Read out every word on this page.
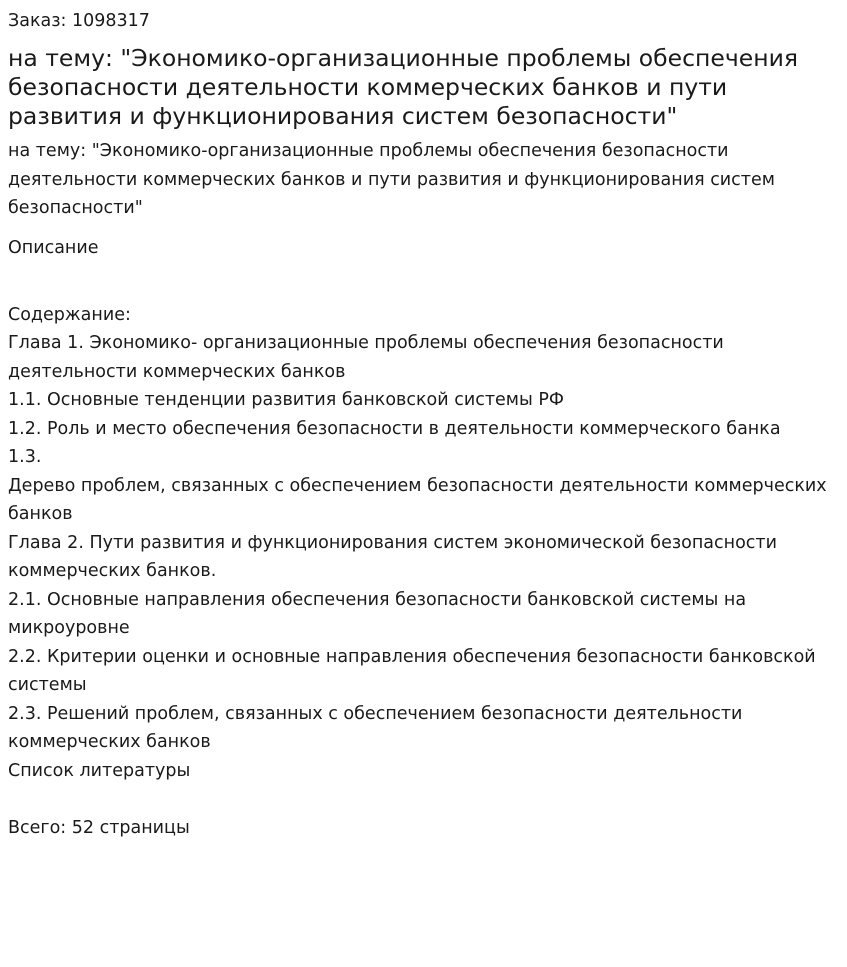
Заказ: 1098317

на тему: "Экономико-организационные проблемы обеспечения безопасности деятельности коммерческих банков и пути развития и функционирования систем безопасности"

на тему: "Экономико-организационные проблемы обеспечения безопасности деятельности коммерческих банков и пути развития и функционирования систем безопасности"

Описание

Содержание:
Глава 1. Экономико- организационные проблемы обеспечения безопасности деятельности коммерческих банков
1.1. Основные тенденции развития банковской системы РФ
1.2. Роль и место обеспечения безопасности в деятельности коммерческого банка
1.3.
Дерево проблем, связанных с обеспечением безопасности деятельности коммерческих банков
Глава 2. Пути развития и функционирования систем экономической безопасности коммерческих банков.
2.1. Основные направления обеспечения безопасности банковской системы на микроуровне
2.2. Критерии оценки и основные направления обеспечения безопасности банковской системы
2.3. Решений проблем, связанных с обеспечением безопасности деятельности коммерческих банков
Список литературы
Всего: 52 страницы
